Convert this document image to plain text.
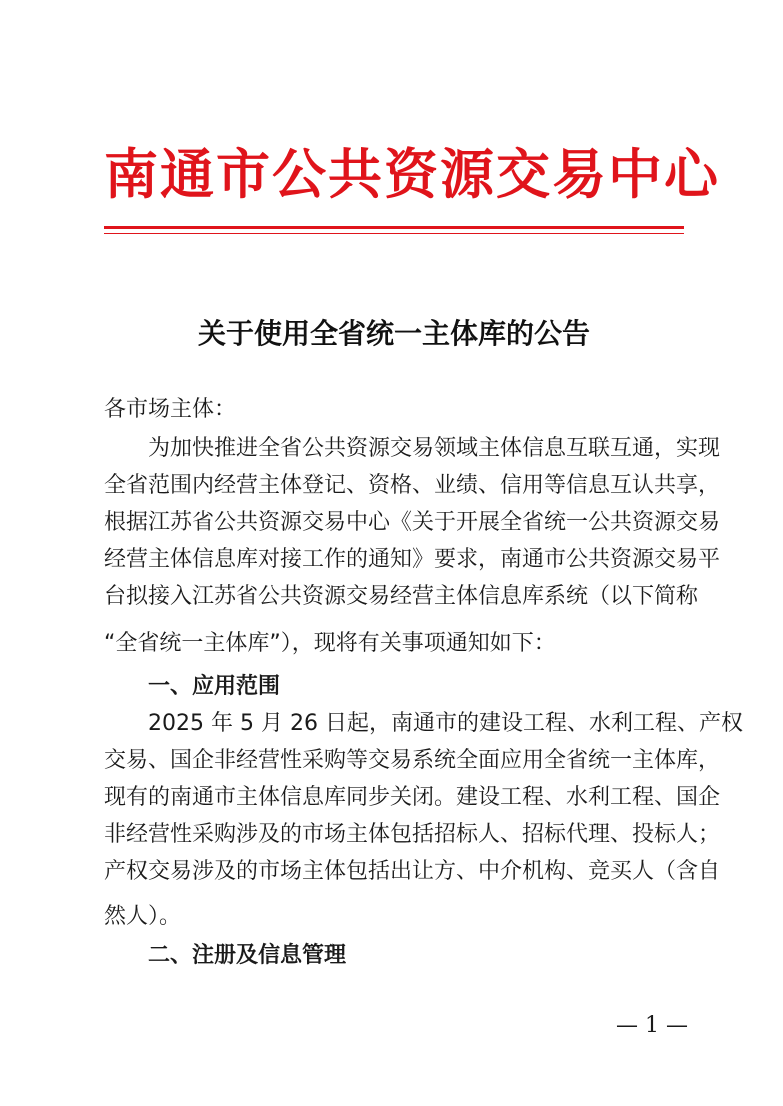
南通市公共资源交易中心
关于使用全省统一主体库的公告
各市场主体：
为加快推进全省公共资源交易领域主体信息互联互通，实现
全省范围内经营主体登记、资格、业绩、信用等信息互认共享，
根据江苏省公共资源交易中心《关于开展全省统一公共资源交易
经营主体信息库对接工作的通知》要求，南通市公共资源交易平
台拟接入江苏省公共资源交易经营主体信息库系统（以下简称
“全省统一主体库”），现将有关事项通知如下：
一、应用范围
2025 年 5 月 26 日起，南通市的建设工程、水利工程、产权
交易、国企非经营性采购等交易系统全面应用全省统一主体库，
现有的南通市主体信息库同步关闭。建设工程、水利工程、国企
非经营性采购涉及的市场主体包括招标人、招标代理、投标人；
产权交易涉及的市场主体包括出让方、中介机构、竞买人（含自
然人）。
二、注册及信息管理
— 1 —
